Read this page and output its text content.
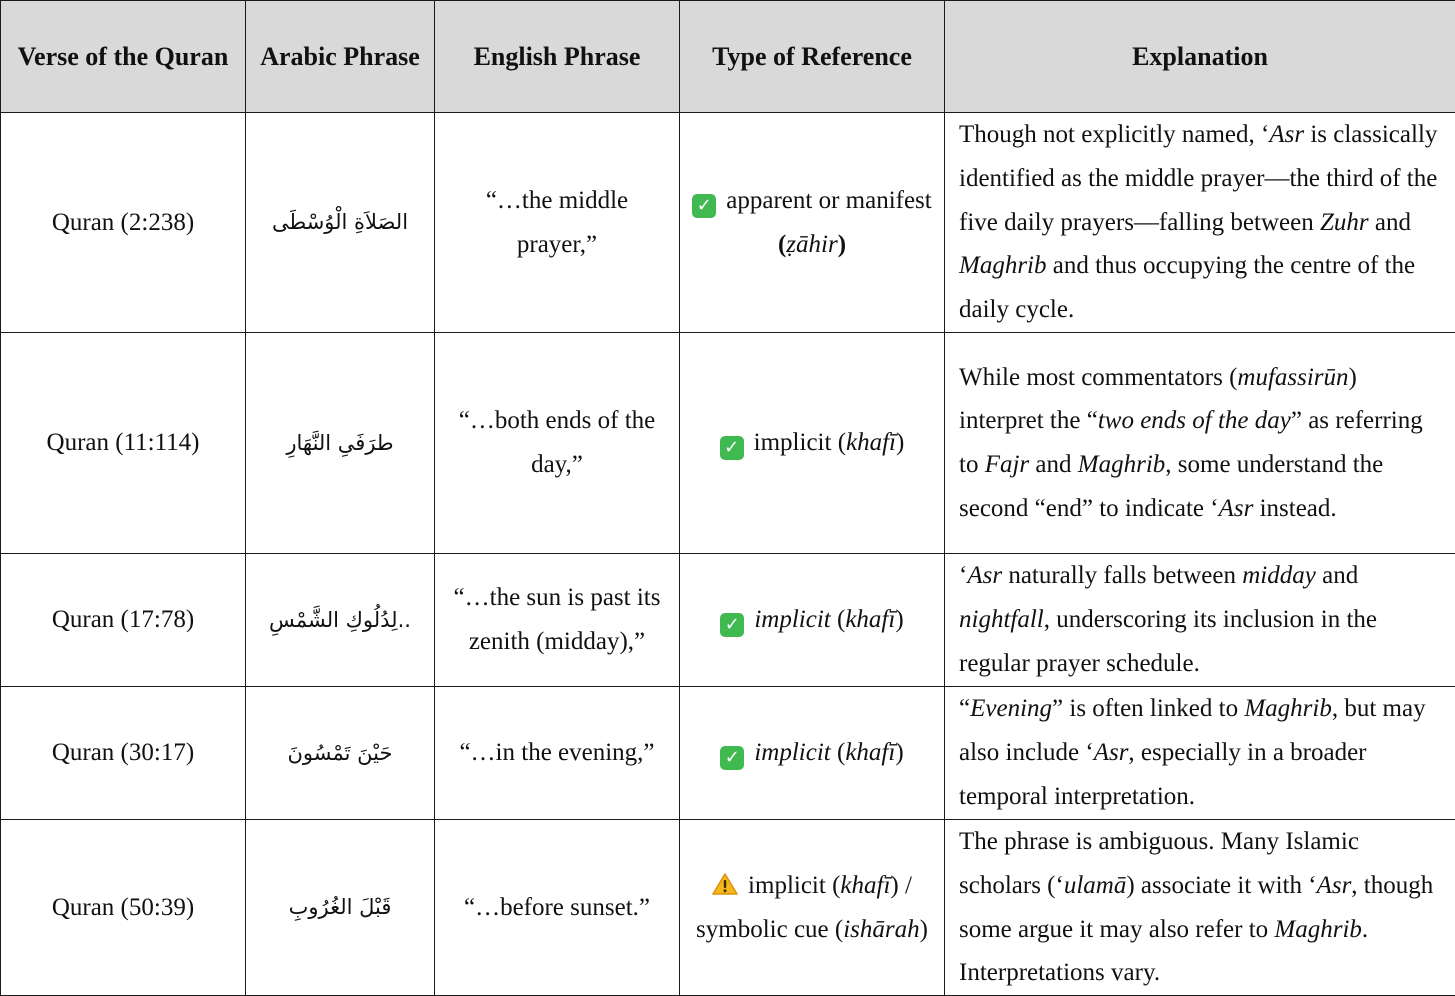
Verse of the Quran	Arabic Phrase	English Phrase	Type of Reference	Explanation
Quran (2:238)	الصَلاَةِ الْوُسْطَى	“…the middle prayer,”	✓ apparent or manifest (ẓāhir)	Though not explicitly named, ‘Asr is classically identified as the middle prayer—the third of the five daily prayers—falling between Zuhr and Maghrib and thus occupying the centre of the daily cycle.
Quran (11:114)	طرَفَىِ النَّهَارِ	“…both ends of the day,”	✓ implicit (khafī)	While most commentators (mufassirūn) interpret the “two ends of the day” as referring to Fajr and Maghrib, some understand the second “end” to indicate ‘Asr instead.
Quran (17:78)	..لِدُلُوكِ الشَّمْسِ	“…the sun is past its zenith (midday),”	✓ implicit (khafī)	‘Asr naturally falls between midday and nightfall, underscoring its inclusion in the regular prayer schedule.
Quran (30:17)	حَيْنَ تَمْسُونَ	“…in the evening,”	✓ implicit (khafī)	“Evening” is often linked to Maghrib, but may also include ‘Asr, especially in a broader temporal interpretation.
Quran (50:39)	قَبْلَ الغُرُوبِ	“…before sunset.”	implicit (khafī) / symbolic cue (ishārah)	The phrase is ambiguous. Many Islamic scholars (‘ulamā) associate it with ‘Asr, though some argue it may also refer to Maghrib. Interpretations vary.
